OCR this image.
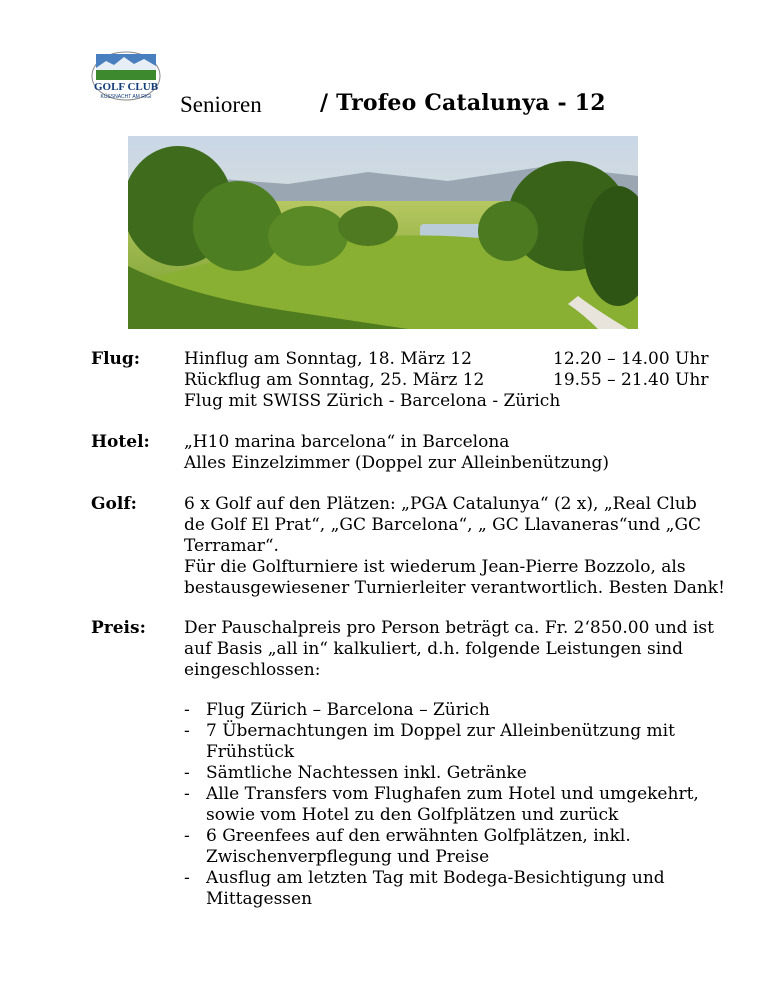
GOLF CLUB
KÜSSNACHT AM RIGI Senioren	/ Trofeo Catalunya - 12
Flug:	Hinflug am Sonntag, 18. März 12	12.20 – 14.00 Uhr
Rückflug am Sonntag, 25. März 12	19.55 – 21.40 Uhr
Flug mit SWISS Zürich - Barcelona - Zürich
Hotel: „H10 marina barcelona“ in Barcelona
Alles Einzelzimmer (Doppel zur Alleinbenützung)
Golf:	6 x Golf auf den Plätzen: „PGA Catalunya“ (2 x), „Real Club
de Golf El Prat“, „GC Barcelona“, „ GC Llavaneras“und „GC
Terramar“.
Für die Golfturniere ist wiederum Jean-Pierre Bozzolo, als
bestausgewiesener Turnierleiter verantwortlich. Besten Dank!
Preis: Der Pauschalpreis pro Person beträgt ca. Fr. 2‘850.00 und ist
auf Basis „all in“ kalkuliert, d.h. folgende Leistungen sind
eingeschlossen:
- Flug Zürich – Barcelona – Zürich
- 7 Übernachtungen im Doppel zur Alleinbenützung mit
Frühstück
- Sämtliche Nachtessen inkl. Getränke
- Alle Transfers vom Flughafen zum Hotel und umgekehrt,
sowie vom Hotel zu den Golfplätzen und zurück
- 6 Greenfees auf den erwähnten Golfplätzen, inkl.
Zwischenverpflegung und Preise
- Ausflug am letzten Tag mit Bodega-Besichtigung und
Mittagessen
